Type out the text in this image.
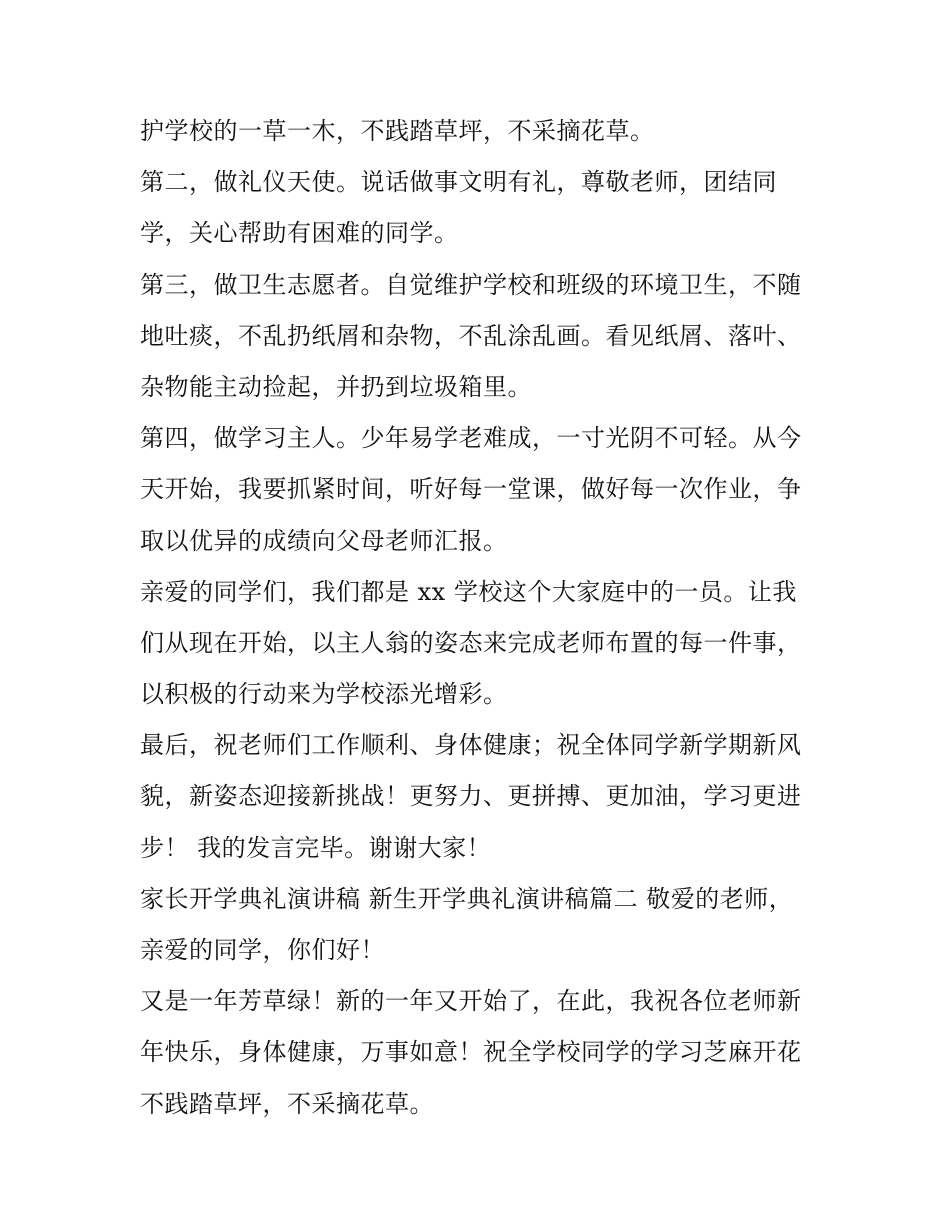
护学校的一草一木，不践踏草坪，不采摘花草。
第二，做礼仪天使。说话做事文明有礼，尊敬老师，团结同
学，关心帮助有困难的同学。
第三，做卫生志愿者。自觉维护学校和班级的环境卫生，不随
地吐痰，不乱扔纸屑和杂物，不乱涂乱画。看见纸屑、落叶、
杂物能主动捡起，并扔到垃圾箱里。
第四，做学习主人。少年易学老难成，一寸光阴不可轻。从今
天开始，我要抓紧时间，听好每一堂课，做好每一次作业，争
取以优异的成绩向父母老师汇报。
亲爱的同学们，我们都是 xx 学校这个大家庭中的一员。让我
们从现在开始，以主人翁的姿态来完成老师布置的每一件事，
以积极的行动来为学校添光增彩。
最后，祝老师们工作顺利、身体健康；祝全体同学新学期新风
貌，新姿态迎接新挑战！更努力、更拼搏、更加油，学习更进
步！ 我的发言完毕。谢谢大家！
家长开学典礼演讲稿 新生开学典礼演讲稿篇二 敬爱的老师，
亲爱的同学，你们好！
又是一年芳草绿！新的一年又开始了，在此，我祝各位老师新
年快乐，身体健康，万事如意！祝全学校同学的学习芝麻开花
不践踏草坪，不采摘花草。
